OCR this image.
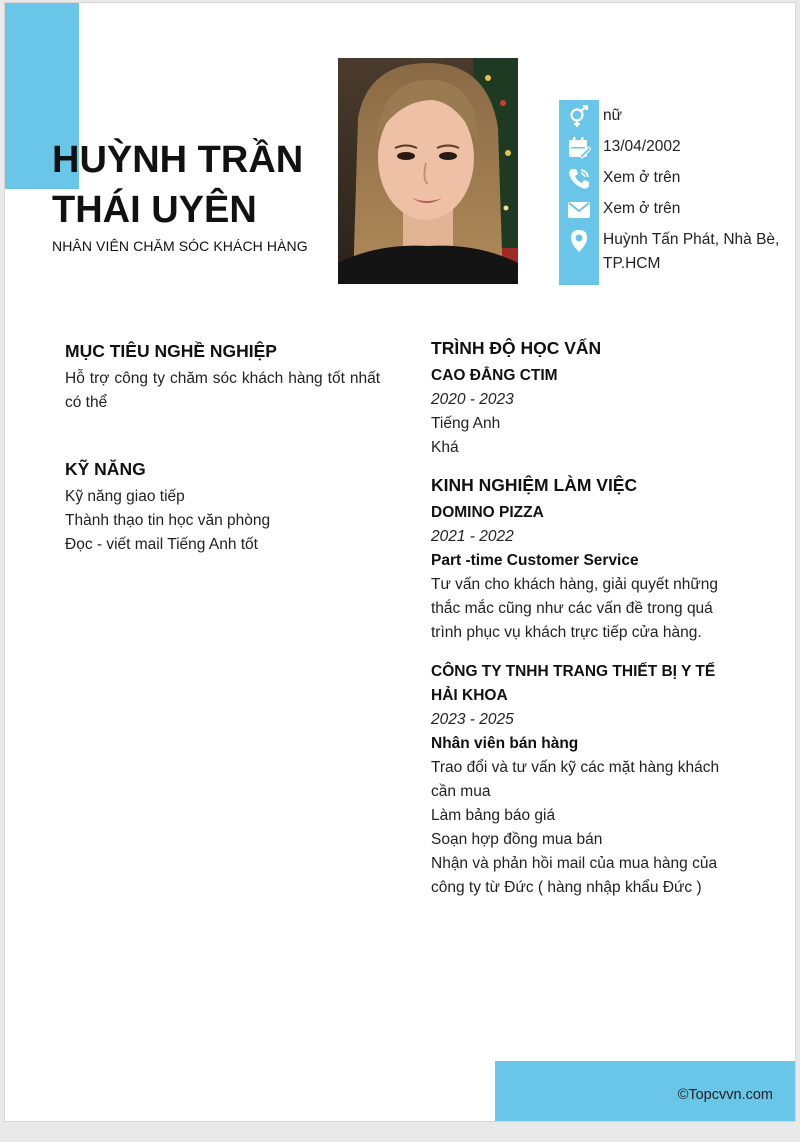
HUỲNH TRẦN
THÁI UYÊN
NHÂN VIÊN CHĂM SÓC KHÁCH HÀNG
nữ
13/04/2002
Xem ở trên
Xem ở trên
Huỳnh Tấn Phát, Nhà Bè, TP.HCM
MỤC TIÊU NGHỀ NGHIỆP
Hỗ trợ công ty chăm sóc khách hàng tốt nhất có thể
KỸ NĂNG
Kỹ năng giao tiếp
Thành thạo tin học văn phòng
Đọc - viết mail Tiếng Anh tốt
TRÌNH ĐỘ HỌC VẤN
CAO ĐẲNG CTIM
2020 - 2023
Tiếng Anh
Khá
KINH NGHIỆM LÀM VIỆC
DOMINO PIZZA
2021 - 2022
Part -time Customer Service
Tư vấn cho khách hàng, giải quyết những thắc mắc cũng như các vấn đề trong quá trình phục vụ khách trực tiếp cửa hàng.
CÔNG TY TNHH TRANG THIẾT BỊ Y TẾ HẢI KHOA
2023 - 2025
Nhân viên bán hàng
Trao đổi và tư vấn kỹ các mặt hàng khách cần mua
Làm bảng báo giá
Soạn hợp đồng mua bán
Nhận và phản hồi mail của mua hàng của công ty từ Đức ( hàng nhập khẩu Đức )
©Topcvvn.com
